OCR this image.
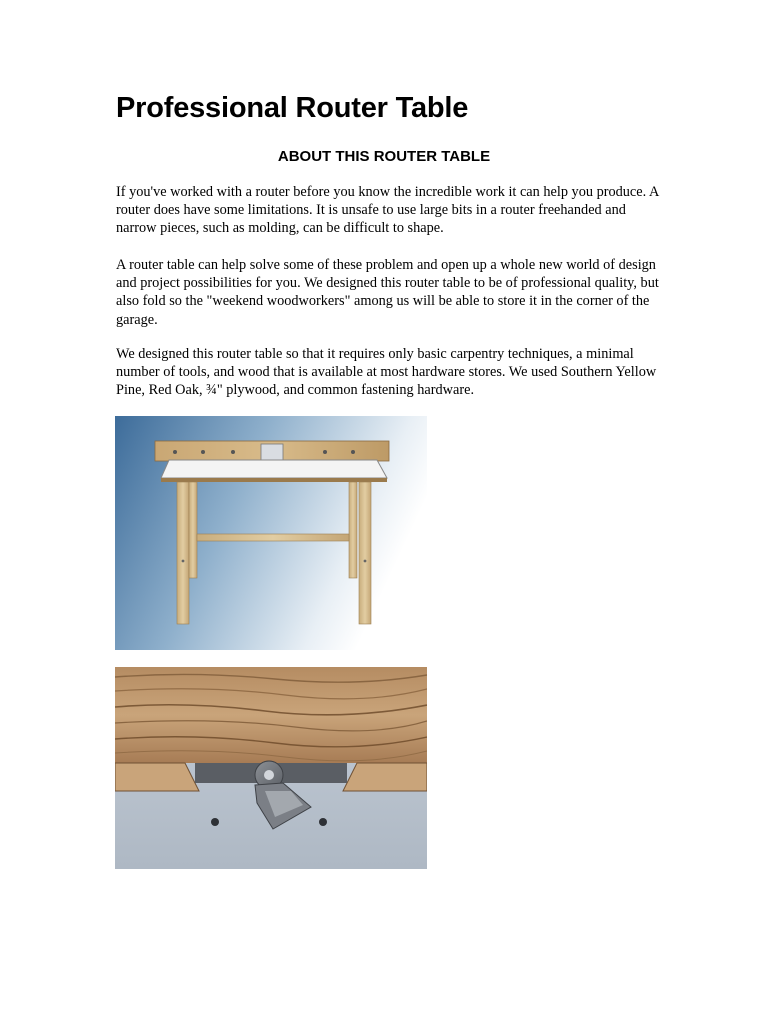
Professional Router Table
ABOUT THIS ROUTER TABLE

If you've worked with a router before you know the incredible work it can help you produce. A router does have some limitations. It is unsafe to use large bits in a router freehanded and narrow pieces, such as molding, can be difficult to shape.

A router table can help solve some of these problem and open up a whole new world of design and project possibilities for you. We designed this router table to be of professional quality, but also fold so the "weekend woodworkers" among us will be able to store it in the corner of the garage.

We designed this router table so that it requires only basic carpentry techniques, a minimal number of tools, and wood that is available at most hardware stores. We used Southern Yellow Pine, Red Oak, ¾" plywood, and common fastening hardware.
